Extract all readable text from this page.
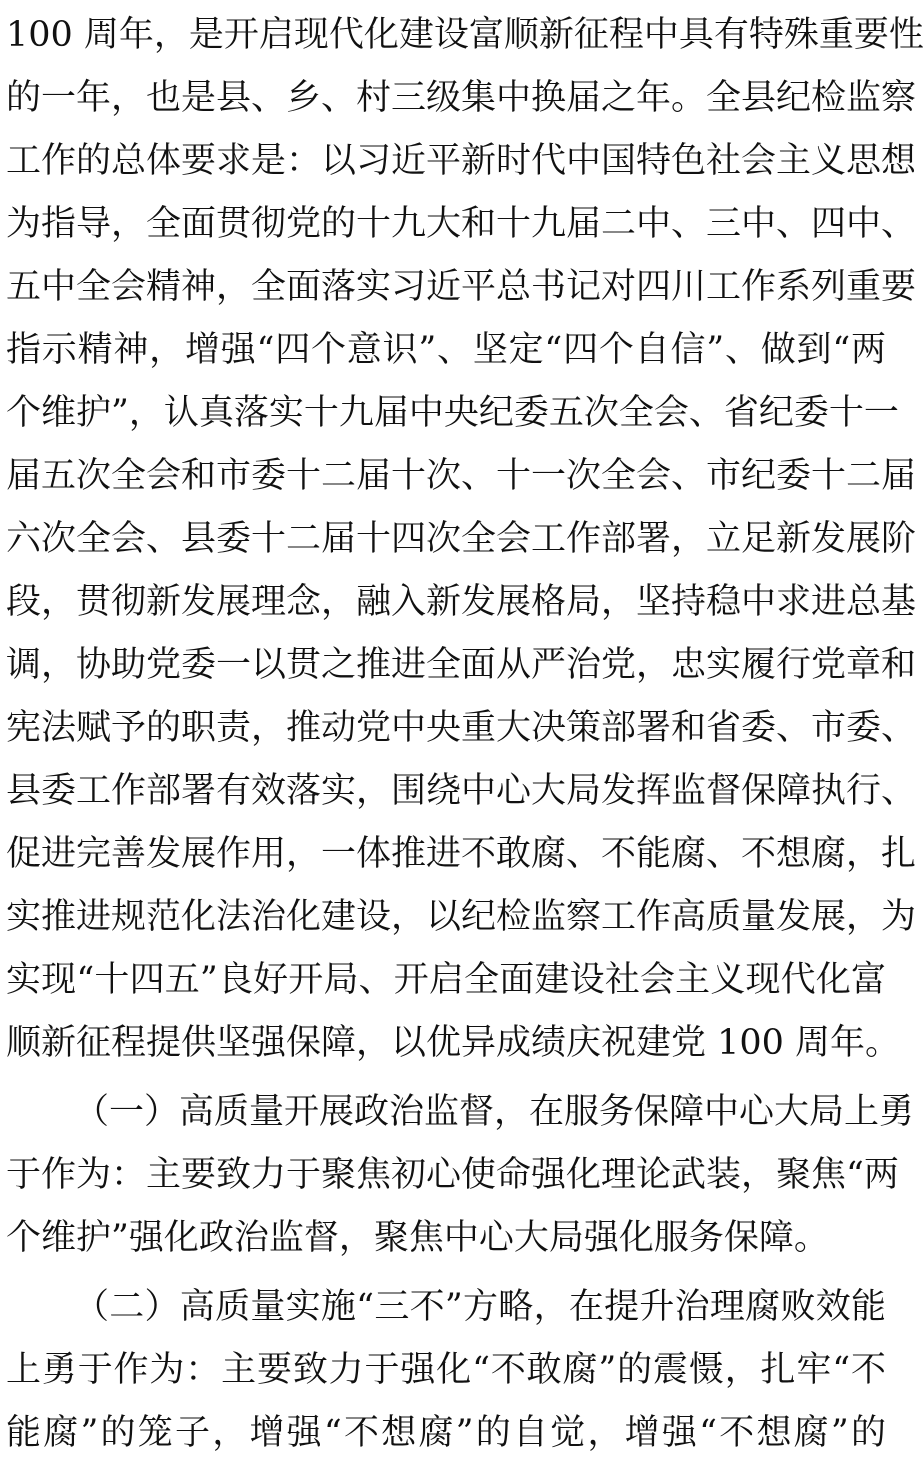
100 周年，是开启现代化建设富顺新征程中具有特殊重要性

的一年，也是县、乡、村三级集中换届之年。全县纪检监察

工作的总体要求是：以习近平新时代中国特色社会主义思想

为指导，全面贯彻党的十九大和十九届二中、三中、四中、

五中全会精神，全面落实习近平总书记对四川工作系列重要

指示精神，增强“四个意识”、坚定“四个自信”、做到“两

个维护”，认真落实十九届中央纪委五次全会、省纪委十一

届五次全会和市委十二届十次、十一次全会、市纪委十二届

六次全会、县委十二届十四次全会工作部署，立足新发展阶

段，贯彻新发展理念，融入新发展格局，坚持稳中求进总基

调，协助党委一以贯之推进全面从严治党，忠实履行党章和

宪法赋予的职责，推动党中央重大决策部署和省委、市委、

县委工作部署有效落实，围绕中心大局发挥监督保障执行、

促进完善发展作用，一体推进不敢腐、不能腐、不想腐，扎

实推进规范化法治化建设，以纪检监察工作高质量发展，为

实现“十四五”良好开局、开启全面建设社会主义现代化富

顺新征程提供坚强保障，以优异成绩庆祝建党 100 周年。

（一）高质量开展政治监督，在服务保障中心大局上勇

于作为：主要致力于聚焦初心使命强化理论武装，聚焦“两

个维护”强化政治监督，聚焦中心大局强化服务保障。

（二）高质量实施“三不”方略，在提升治理腐败效能

上勇于作为：主要致力于强化“不敢腐”的震慑，扎牢“不

能腐”的笼子，增强“不想腐”的自觉，增强“不想腐”的
